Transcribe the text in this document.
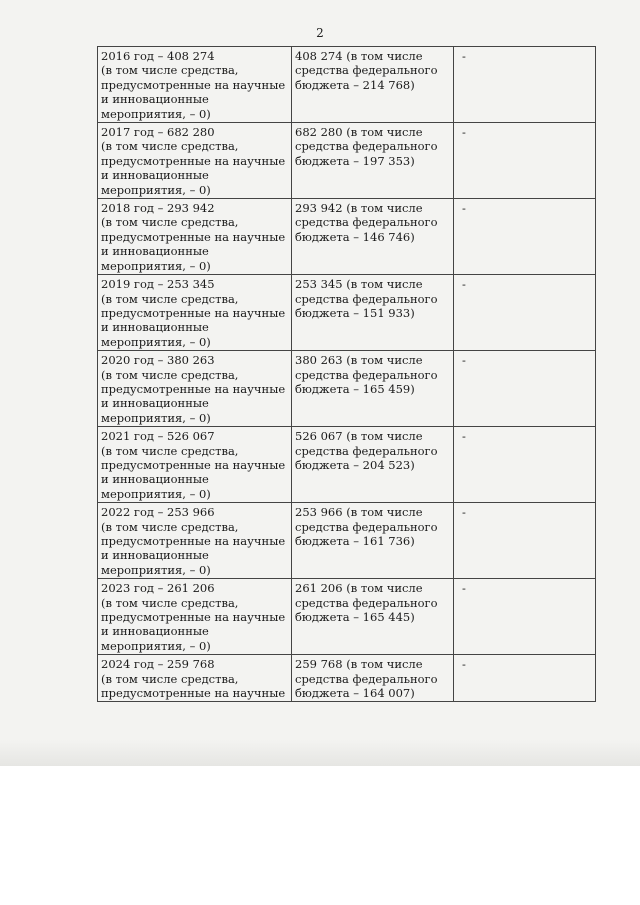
2
2016 год – 408 274
(в том числе средства,
предусмотренные на научные
и инновационные
мероприятия, – 0)	408 274 (в том числе
средства федерального
бюджета – 214 768)	-
2017 год – 682 280
(в том числе средства,
предусмотренные на научные
и инновационные
мероприятия, – 0)	682 280 (в том числе
средства федерального
бюджета – 197 353)	-
2018 год – 293 942
(в том числе средства,
предусмотренные на научные
и инновационные
мероприятия, – 0)	293 942 (в том числе
средства федерального
бюджета – 146 746)	-
2019 год – 253 345
(в том числе средства,
предусмотренные на научные
и инновационные
мероприятия, – 0)	253 345 (в том числе
средства федерального
бюджета – 151 933)	-
2020 год – 380 263
(в том числе средства,
предусмотренные на научные
и инновационные
мероприятия, – 0)	380 263 (в том числе
средства федерального
бюджета – 165 459)	-
2021 год – 526 067
(в том числе средства,
предусмотренные на научные
и инновационные
мероприятия, – 0)	526 067 (в том числе
средства федерального
бюджета – 204 523)	-
2022 год – 253 966
(в том числе средства,
предусмотренные на научные
и инновационные
мероприятия, – 0)	253 966 (в том числе
средства федерального
бюджета – 161 736)	-
2023 год – 261 206
(в том числе средства,
предусмотренные на научные
и инновационные
мероприятия, – 0)	261 206 (в том числе
средства федерального
бюджета – 165 445)	-
2024 год – 259 768
(в том числе средства,
предусмотренные на научные	259 768 (в том числе
средства федерального
бюджета – 164 007)	-
